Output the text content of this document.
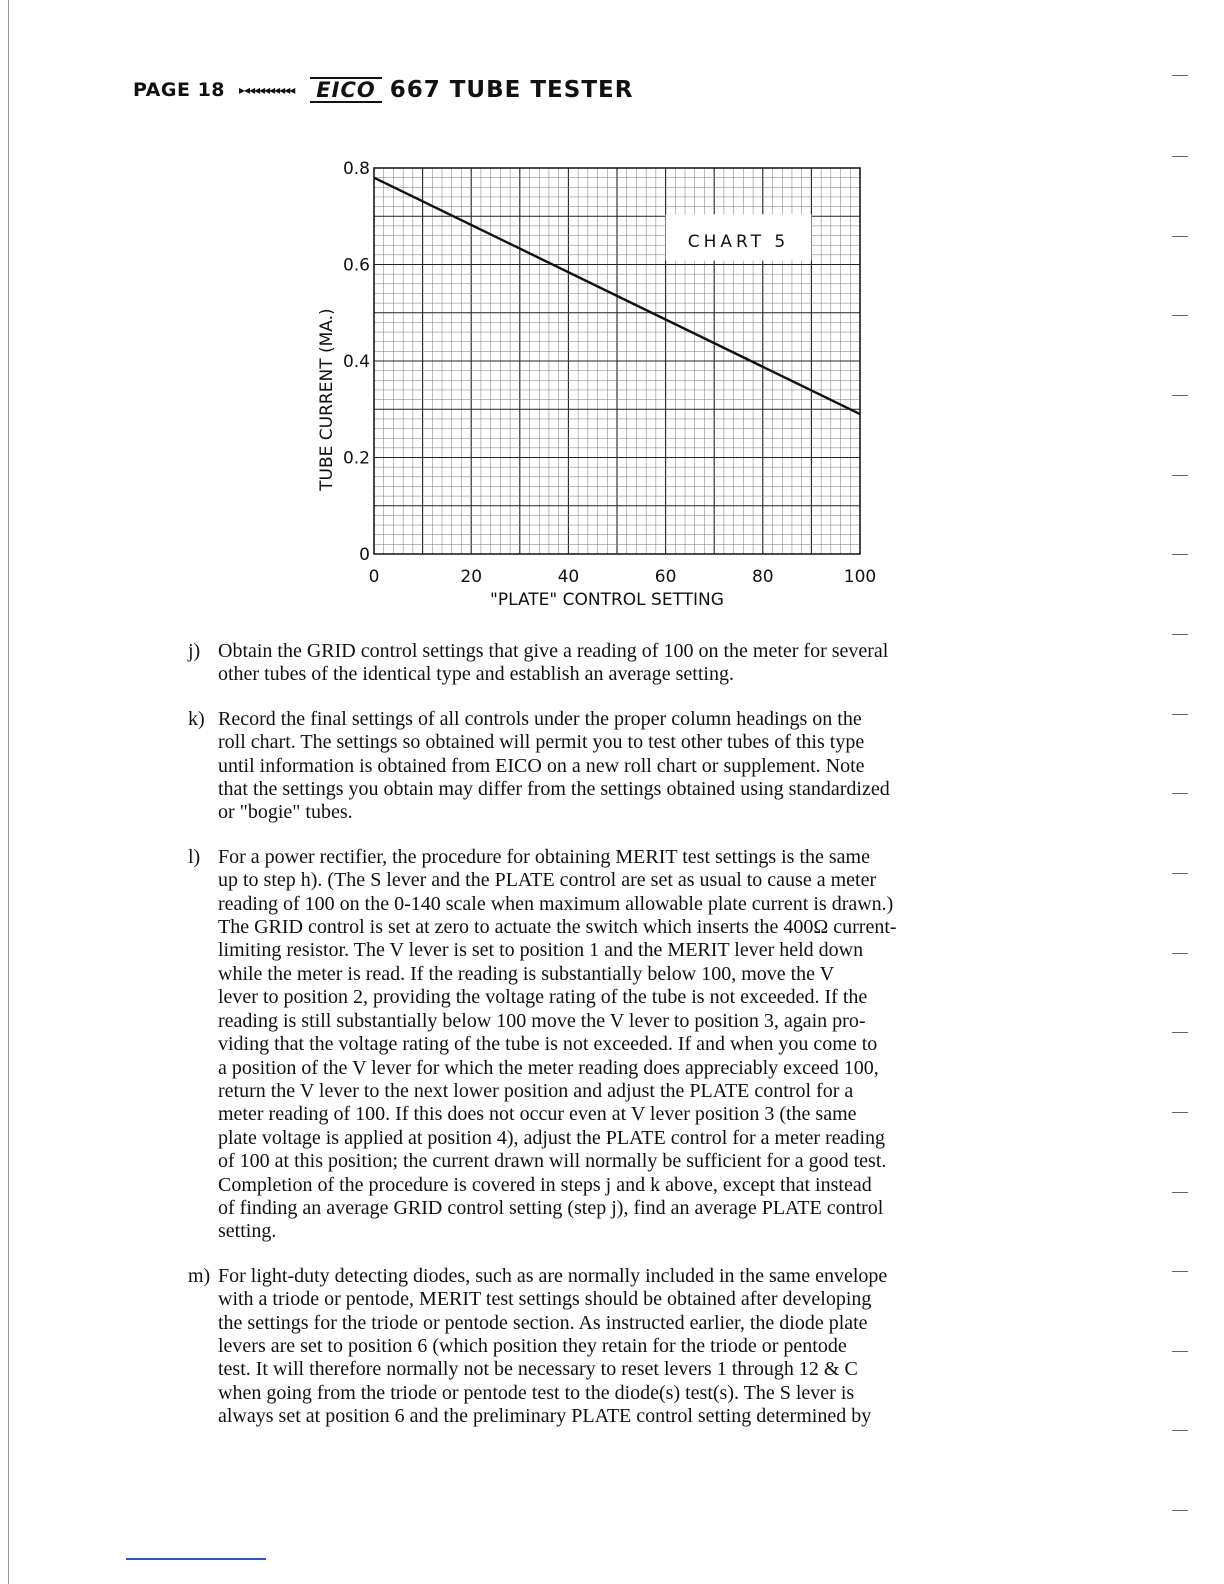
PAGE 18 ▸◂◂◂◂◂◂◂◂◂◂ EICO 667 TUBE TESTER
CHART 5
TUBE CURRENT (MA.)
"PLATE" CONTROL SETTING
0	20	40	60	80	100
0
0.2
0.4
0.6
0.8
j) Obtain the GRID control settings that give a reading of 100 on the meter for several
other tubes of the identical type and establish an average setting.
k) Record the final settings of all controls under the proper column headings on the
roll chart. The settings so obtained will permit you to test other tubes of this type
until information is obtained from EICO on a new roll chart or supplement. Note
that the settings you obtain may differ from the settings obtained using standardized
or "bogie" tubes.
l) For a power rectifier, the procedure for obtaining MERIT test settings is the same
up to step h). (The S lever and the PLATE control are set as usual to cause a meter
reading of 100 on the 0-140 scale when maximum allowable plate current is drawn.)
The GRID control is set at zero to actuate the switch which inserts the 400Ω current-
limiting resistor. The V lever is set to position 1 and the MERIT lever held down
while the meter is read. If the reading is substantially below 100, move the V
lever to position 2, providing the voltage rating of the tube is not exceeded. If the
reading is still substantially below 100 move the V lever to position 3, again pro-
viding that the voltage rating of the tube is not exceeded. If and when you come to
a position of the V lever for which the meter reading does appreciably exceed 100,
return the V lever to the next lower position and adjust the PLATE control for a
meter reading of 100. If this does not occur even at V lever position 3 (the same
plate voltage is applied at position 4), adjust the PLATE control for a meter reading
of 100 at this position; the current drawn will normally be sufficient for a good test.
Completion of the procedure is covered in steps j and k above, except that instead
of finding an average GRID control setting (step j), find an average PLATE control
setting.
m) For light-duty detecting diodes, such as are normally included in the same envelope
with a triode or pentode, MERIT test settings should be obtained after developing
the settings for the triode or pentode section. As instructed earlier, the diode plate
levers are set to position 6 (which position they retain for the triode or pentode
test. It will therefore normally not be necessary to reset levers 1 through 12 & C
when going from the triode or pentode test to the diode(s) test(s). The S lever is
always set at position 6 and the preliminary PLATE control setting determined by
